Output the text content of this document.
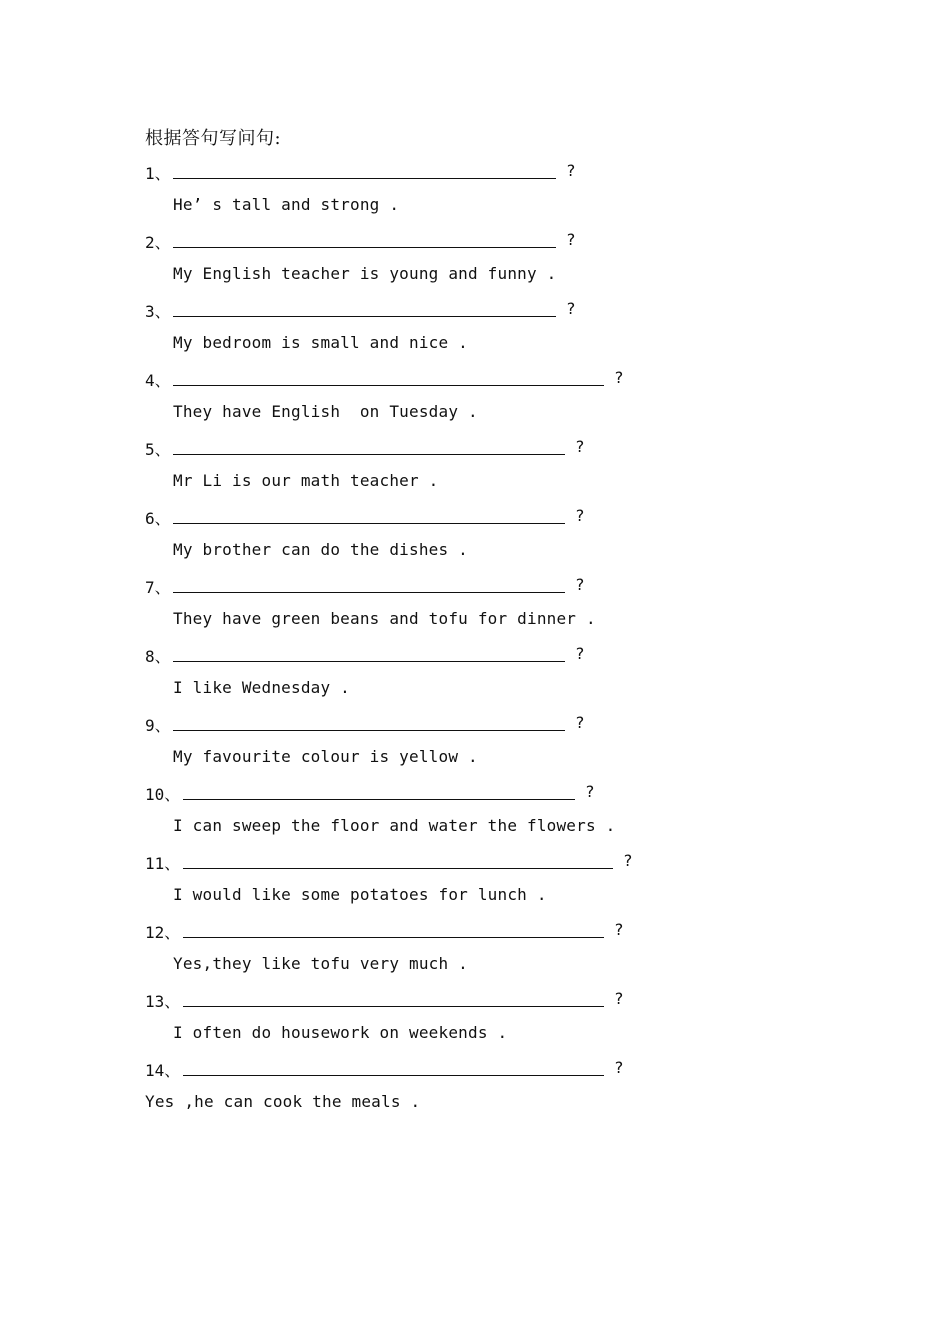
根据答句写问句:
1、	?
He’ s tall and strong .
2、	?
My English teacher is young and funny .
3、	?
My bedroom is small and nice .
4、	?
They have English  on Tuesday .
5、	?
Mr Li is our math teacher .
6、	?
My brother can do the dishes .
7、	?
They have green beans and tofu for dinner .
8、	?
I like Wednesday .
9、	?
My favourite colour is yellow .
10、	?
I can sweep the floor and water the flowers .
11、	?
I would like some potatoes for lunch .
12、	?
Yes,they like tofu very much .
13、	?
I often do housework on weekends .
14、	?
Yes ,he can cook the meals .
